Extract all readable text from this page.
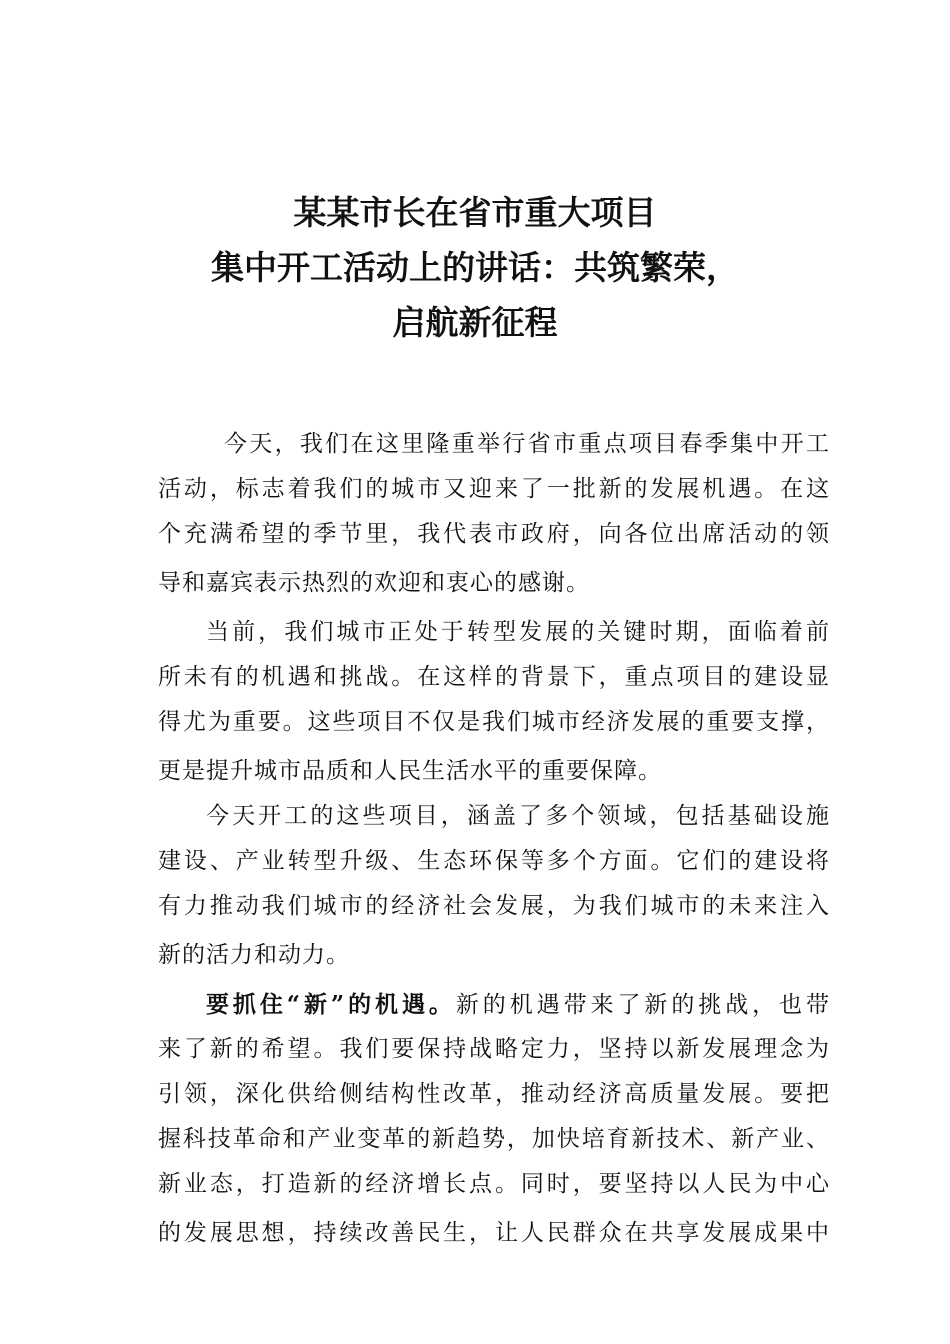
某某市长在省市重大项目
集中开工活动上的讲话：共筑繁荣，
启航新征程
今天，我们在这里隆重举行省市重点项目春季集中开工
活动，标志着我们的城市又迎来了一批新的发展机遇。在这
个充满希望的季节里，我代表市政府，向各位出席活动的领
导和嘉宾表示热烈的欢迎和衷心的感谢。
当前，我们城市正处于转型发展的关键时期，面临着前
所未有的机遇和挑战。在这样的背景下，重点项目的建设显
得尤为重要。这些项目不仅是我们城市经济发展的重要支撑，
更是提升城市品质和人民生活水平的重要保障。
今天开工的这些项目，涵盖了多个领域，包括基础设施
建设、产业转型升级、生态环保等多个方面。它们的建设将
有力推动我们城市的经济社会发展，为我们城市的未来注入
新的活力和动力。
要抓住“新”的机遇。新的机遇带来了新的挑战，也带
来了新的希望。我们要保持战略定力，坚持以新发展理念为
引领，深化供给侧结构性改革，推动经济高质量发展。要把
握科技革命和产业变革的新趋势，加快培育新技术、新产业、
新业态，打造新的经济增长点。同时，要坚持以人民为中心
的发展思想，持续改善民生，让人民群众在共享发展成果中
